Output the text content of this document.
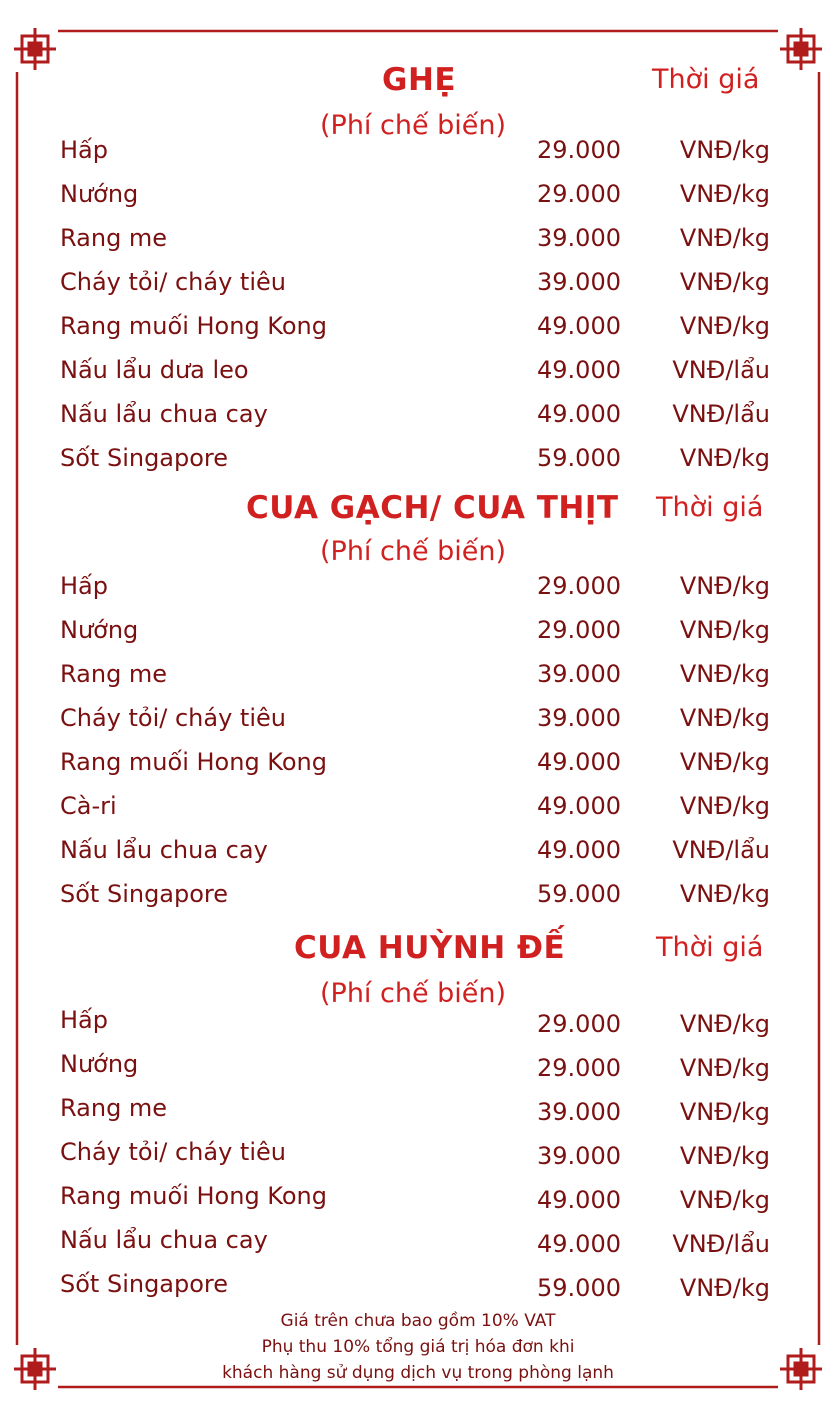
GHẸ	Thời giá
(Phí chế biến)
Hấp	29.000 VNĐ/kg
Nướng	29.000 VNĐ/kg
Rang me	39.000 VNĐ/kg
Cháy tỏi/ cháy tiêu	39.000 VNĐ/kg
Rang muối Hong Kong	49.000 VNĐ/kg
Nấu lẩu dưa leo	49.000 VNĐ/lẩu
Nấu lẩu chua cay	49.000 VNĐ/lẩu
Sốt Singapore	59.000 VNĐ/kg
CUA GẠCH/ CUA THỊT Thời giá
(Phí chế biến)
Hấp	29.000 VNĐ/kg
Nướng	29.000 VNĐ/kg
Rang me	39.000 VNĐ/kg
Cháy tỏi/ cháy tiêu	39.000 VNĐ/kg
Rang muối Hong Kong	49.000 VNĐ/kg
Cà-ri	49.000 VNĐ/kg
Nấu lẩu chua cay	49.000 VNĐ/lẩu
Sốt Singapore	59.000 VNĐ/kg
CUA HUỲNH ĐẾ	Thời giá
(Phí chế biến)
Hấp	29.000 VNĐ/kg
Nướng	29.000 VNĐ/kg
Rang me	39.000 VNĐ/kg
Cháy tỏi/ cháy tiêu	39.000 VNĐ/kg
Rang muối Hong Kong	49.000 VNĐ/kg
Nấu lẩu chua cay	49.000 VNĐ/lẩu
Sốt Singapore	59.000 VNĐ/kg
Giá trên chưa bao gồm 10% VAT
Phụ thu 10% tổng giá trị hóa đơn khi
khách hàng sử dụng dịch vụ trong phòng lạnh
